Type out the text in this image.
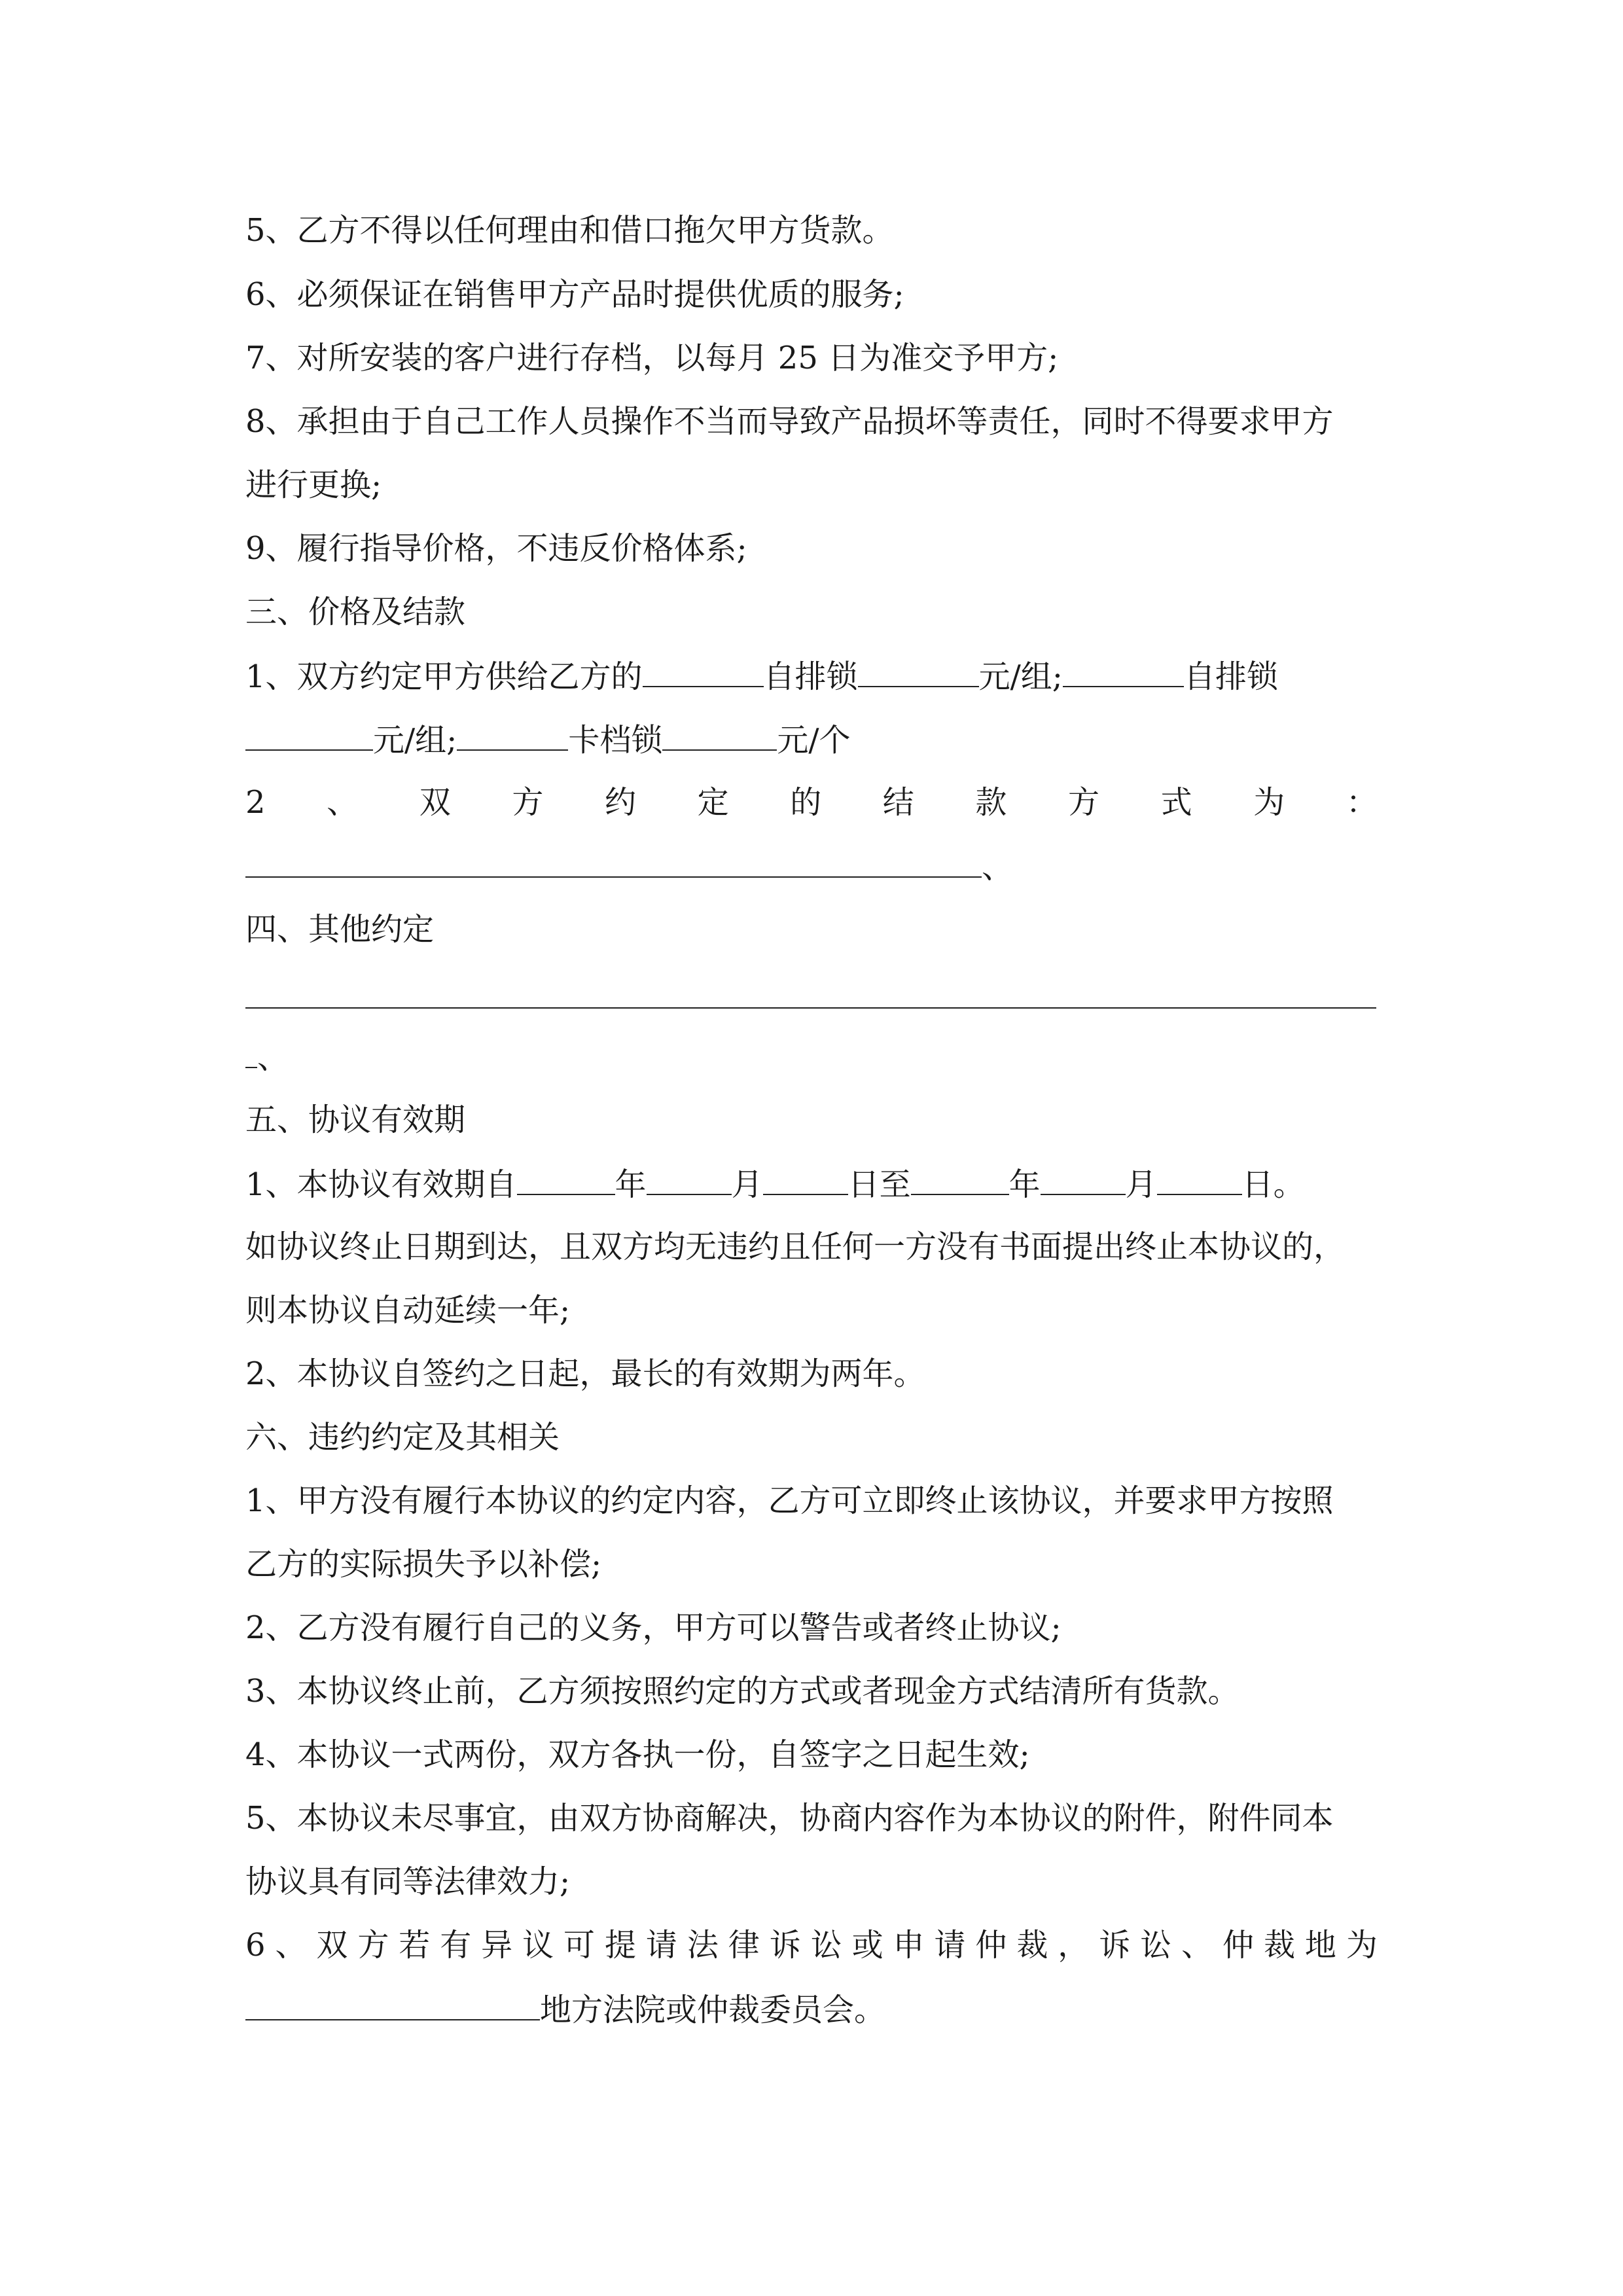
5、乙方不得以任何理由和借口拖欠甲方货款。
6、必须保证在销售甲方产品时提供优质的服务;
7、对所安装的客户进行存档，以每月 25 日为准交予甲方;
8、承担由于自己工作人员操作不当而导致产品损坏等责任，同时不得要求甲方
进行更换;
9、履行指导价格，不违反价格体系;
三、价格及结款
1、双方约定甲方供给乙方的	自排锁	元/组;	自排锁
元/组;	卡档锁	元/个
2 、 双 方 约 定 的 结 款 方 式 为 ：
、
四、其他约定
、
五、协议有效期
1、本协议有效期自	年	月	日至	年	月	日。
如协议终止日期到达，且双方均无违约且任何一方没有书面提出终止本协议的，
则本协议自动延续一年;
2、本协议自签约之日起，最长的有效期为两年。
六、违约约定及其相关
1、甲方没有履行本协议的约定内容，乙方可立即终止该协议，并要求甲方按照
乙方的实际损失予以补偿;
2、乙方没有履行自己的义务，甲方可以警告或者终止协议;
3、本协议终止前，乙方须按照约定的方式或者现金方式结清所有货款。
4、本协议一式两份，双方各执一份，自签字之日起生效;
5、本协议未尽事宜，由双方协商解决，协商内容作为本协议的附件，附件同本
协议具有同等法律效力;
6 、 双 方 若 有 异 议 可 提 请 法 律 诉 讼 或 申 请 仲 裁 ， 诉 讼 、 仲 裁 地 为
地方法院或仲裁委员会。
